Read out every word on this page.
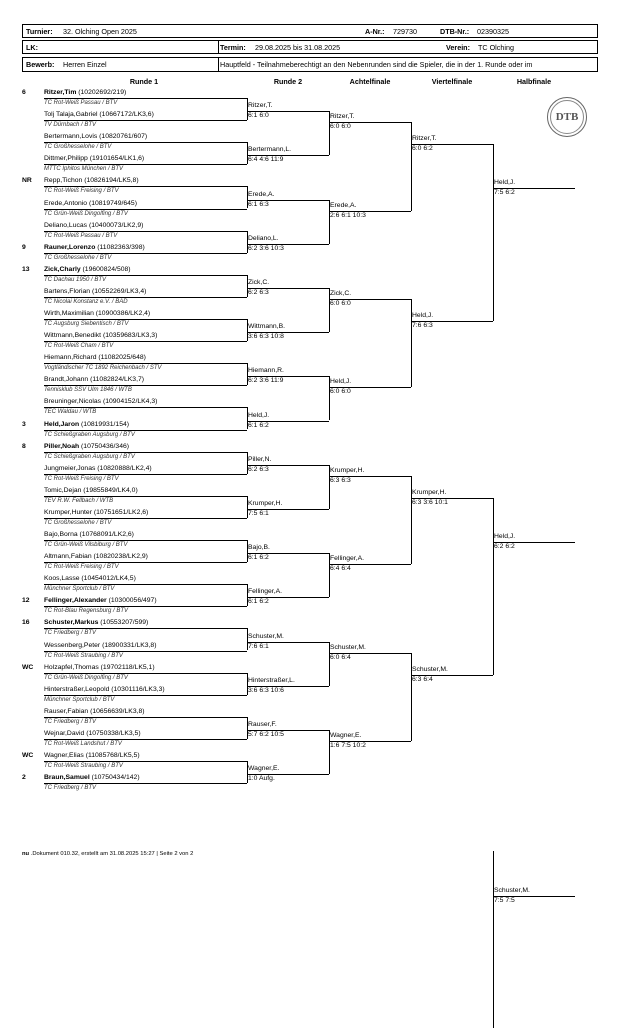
Turnier: 32. Olching Open 2025	A-Nr.: 729730	DTB-Nr.: 02390325
LK:	Termin: 29.08.2025 bis 31.08.2025	Verein: TC Olching
Bewerb: Herren Einzel	Hauptfeld - Teilnahmeberechtigt an den Nebenrunden sind die Spieler, die in der 1. Runde oder im
Runde 1	Runde 2	Achtelfinale	Viertelfinale	Halbfinale
DTB
6	Ritzer,Tim (10202692/219)
TC Rot-Weiß Passau / BTV
Tolj Talaja,Gabriel (10667172/LK3,6)
TV Dürnbach / BTV
Bertermann,Lovis (10820761/607)
TC Großhesselohe / BTV
Dittmer,Philipp (19101654/LK1,6)
MTTC Iphitos München / BTV
NR Repp,Tichon (10826194/LK5,8)
TC Rot-Weiß Freising / BTV
Erede,Antonio (10819749/645)
TC Grün-Weiß Dingolfing / BTV
Deliano,Lucas (10400073/LK2,9)
TC Rot-Weiß Passau / BTV
9	Rauner,Lorenzo (11082363/398)
TC Großhesselohe / BTV
13 Zick,Charly (19600824/508)
TC Dachau 1950 / BTV
Bartens,Florian (10552269/LK3,4)
TC Nicolai Konstanz e.V. / BAD
Wirth,Maximilian (10900386/LK2,4)
TC Augsburg Siebentisch / BTV
Wittmann,Benedikt (10359683/LK3,3)
TC Rot-Weiß Cham / BTV
Hiemann,Richard (11082025/648)
Vogtländischer TC 1892 Reichenbach / STV
Brandt,Johann (11082824/LK3,7)
Tennisklub SSV Ulm 1846 / WTB
Breuninger,Nicolas (10904152/LK4,3)
TEC Waldau / WTB
3	Held,Jaron (10819931/154)
TC Schießgraben Augsburg / BTV
8	Piller,Noah (10750436/346)
TC Schießgraben Augsburg / BTV
Jungmeier,Jonas (10820888/LK2,4)
TC Rot-Weiß Freising / BTV
Tomic,Dejan (19855849/LK4,0)
TEV R.W. Fellbach / WTB
Krumper,Hunter (10751651/LK2,6)
TC Großhesselohe / BTV
Bajo,Borna (10768091/LK2,6)
TC Grün-Weiß Vilsbiburg / BTV
Altmann,Fabian (10820238/LK2,9)
TC Rot-Weiß Freising / BTV
Koos,Lasse (10454012/LK4,5)
Münchner Sportclub / BTV
12 Fellinger,Alexander (10300056/497)
TC Rot-Blau Regensburg / BTV
16 Schuster,Markus (10553207/599)
TC Friedberg / BTV
Wessenberg,Peter (18900331/LK3,8)
TC Rot-Weiß Straubing / BTV
WC Holzapfel,Thomas (19702118/LK5,1)
TC Grün-Weiß Dingolfing / BTV
Hinterstraßer,Leopold (10301116/LK3,3)
Münchner Sportclub / BTV
Rauser,Fabian (10656639/LK3,8)
TC Friedberg / BTV
Wejnar,David (10750338/LK3,5)
TC Rot-Weiß Landshut / BTV
WC Wagner,Elias (11085768/LK5,5)
TC Rot-Weiß Straubing / BTV
2	Braun,Samuel (10750434/142)
TC Friedberg / BTV
Ritzer,T.
6:1 6:0
Bertermann,L.
6:4 4:6 11:9
Erede,A.
6:1 6:3
Deliano,L.
6:2 3:6 10:3
Zick,C.
6:2 6:3
Wittmann,B.
3:6 6:3 10:8
Hiemann,R.
6:2 3:6 11:9
Held,J.
6:1 6:2
Piller,N.
6:2 6:3
Krumper,H.
7:5 6:1
Bajo,B.
6:1 6:2
Fellinger,A.
6:1 6:2
Schuster,M.
7:6 6:1
Hinterstraßer,L.
3:6 6:3 10:6
Rauser,F.
5:7 6:2 10:5
Wagner,E.
1:0 Aufg.
Ritzer,T.
6:0 6:0
Erede,A.
2:6 6:1 10:3
Zick,C.
6:0 6:0
Held,J.
6:0 6:0
Krumper,H.
6:3 6:3
Fellinger,A.
6:4 6:4
Schuster,M.
6:0 6:4
Wagner,E.
1:6 7:5 10:2
Ritzer,T.
6:0 6:2
Held,J.
7:6 6:3
Krumper,H.
6:3 3:6 10:1
Schuster,M.
6:3 6:4
Held,J.
7:5 6:2
Held,J.
6:2 6:2
Schuster,M.
7:5 7:5
nu .Dokument 010.32, erstellt am 31.08.2025 15:27 | Seite 2 von 2
